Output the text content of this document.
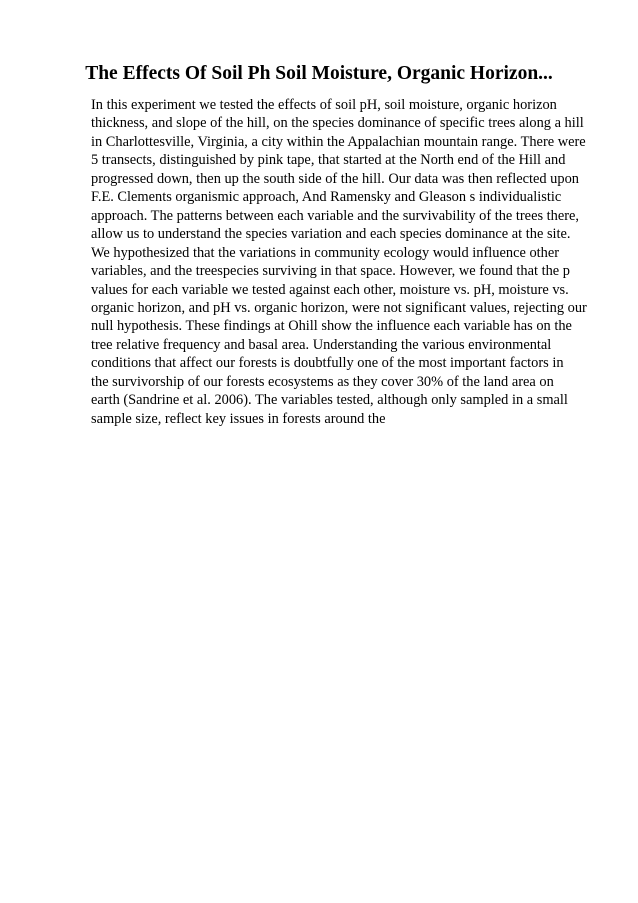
The Effects Of Soil Ph Soil Moisture, Organic Horizon...
In this experiment we tested the effects of soil pH, soil moisture, organic horizon
thickness, and slope of the hill, on the species dominance of specific trees along a hill
in Charlottesville, Virginia, a city within the Appalachian mountain range. There were
5 transects, distinguished by pink tape, that started at the North end of the Hill and
progressed down, then up the south side of the hill. Our data was then reflected upon
F.E. Clements organismic approach, And Ramensky and Gleason s individualistic
approach. The patterns between each variable and the survivability of the trees there,
allow us to understand the species variation and each species dominance at the site.
We hypothesized that the variations in community ecology would influence other
variables, and the treespecies surviving in that space. However, we found that the p
values for each variable we tested against each other, moisture vs. pH, moisture vs.
organic horizon, and pH vs. organic horizon, were not significant values, rejecting our
null hypothesis. These findings at Ohill show the influence each variable has on the
tree relative frequency and basal area. Understanding the various environmental
conditions that affect our forests is doubtfully one of the most important factors in
the survivorship of our forests ecosystems as they cover 30% of the land area on
earth (Sandrine et al. 2006). The variables tested, although only sampled in a small
sample size, reflect key issues in forests around the
